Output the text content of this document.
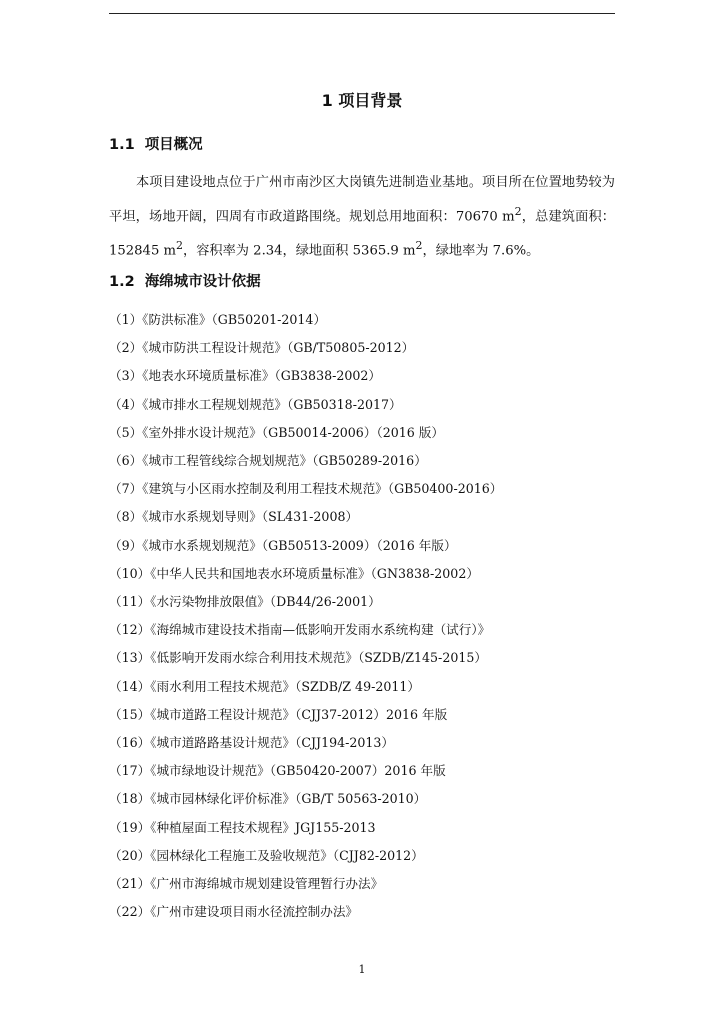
1 项目背景
1.1 项目概况

本项目建设地点位于广州市南沙区大岗镇先进制造业基地。项目所在位置地势较为平坦，场地开阔，四周有市政道路围绕。规划总用地面积：70670 $m^2$，总建筑面积：152845 $m^2$，容积率为 2.34，绿地面积 5365.9 $m^2$，绿地率为 7.6%。

1.2 海绵城市设计依据
（1）《防洪标准》（GB50201-2014）
（2）《城市防洪工程设计规范》（GB/T50805-2012）
（3）《地表水环境质量标准》（GB3838-2002）
（4）《城市排水工程规划规范》（GB50318-2017）
（5）《室外排水设计规范》（GB50014-2006）（2016 版）
（6）《城市工程管线综合规划规范》（GB50289-2016）
（7）《建筑与小区雨水控制及利用工程技术规范》（GB50400-2016）
（8）《城市水系规划导则》（SL431-2008）
（9）《城市水系规划规范》（GB50513-2009）（2016 年版）
（10）《中华人民共和国地表水环境质量标准》（GN3838-2002）
（11）《水污染物排放限值》（DB44/26-2001）
（12）《海绵城市建设技术指南—低影响开发雨水系统构建（试行）》
（13）《低影响开发雨水综合利用技术规范》（SZDB/Z145-2015）
（14）《雨水利用工程技术规范》（SZDB/Z 49-2011）
（15）《城市道路工程设计规范》（CJJ37-2012）2016 年版
（16）《城市道路路基设计规范》（CJJ194-2013）
（17）《城市绿地设计规范》（GB50420-2007）2016 年版
（18）《城市园林绿化评价标准》（GB/T 50563-2010）
（19）《种植屋面工程技术规程》JGJ155-2013
（20）《园林绿化工程施工及验收规范》（CJJ82-2012）
（21）《广州市海绵城市规划建设管理暂行办法》
（22）《广州市建设项目雨水径流控制办法》
1
